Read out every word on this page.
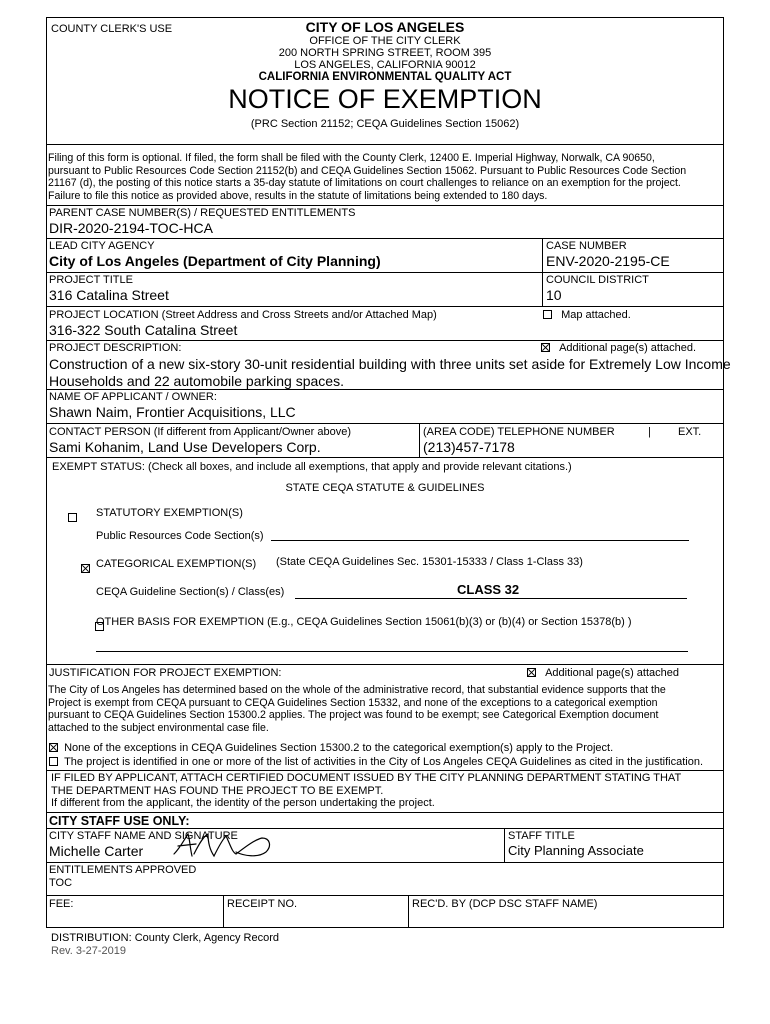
COUNTY CLERK'S USE	CITY OF LOS ANGELES
OFFICE OF THE CITY CLERK
200 NORTH SPRING STREET, ROOM 395
LOS ANGELES, CALIFORNIA 90012
CALIFORNIA ENVIRONMENTAL QUALITY ACT
NOTICE OF EXEMPTION
(PRC Section 21152; CEQA Guidelines Section 15062)
Filing of this form is optional. If filed, the form shall be filed with the County Clerk, 12400 E. Imperial Highway, Norwalk, CA 90650,
pursuant to Public Resources Code Section 21152(b) and CEQA Guidelines Section 15062. Pursuant to Public Resources Code Section
21167 (d), the posting of this notice starts a 35-day statute of limitations on court challenges to reliance on an exemption for the project.
Failure to file this notice as provided above, results in the statute of limitations being extended to 180 days.
PARENT CASE NUMBER(S) / REQUESTED ENTITLEMENTS
DIR-2020-2194-TOC-HCA
LEAD CITY AGENCY
City of Los Angeles (Department of City Planning)
CASE NUMBER
ENV-2020-2195-CE
PROJECT TITLE
316 Catalina Street
COUNCIL DISTRICT
10
PROJECT LOCATION (Street Address and Cross Streets and/or Attached Map)	Map attached.
316-322 South Catalina Street
PROJECT DESCRIPTION:	Additional page(s) attached.
Construction of a new six-story 30-unit residential building with three units set aside for Extremely Low Income
Households and 22 automobile parking spaces.
NAME OF APPLICANT / OWNER:
Shawn Naim, Frontier Acquisitions, LLC
CONTACT PERSON (If different from Applicant/Owner above)
Sami Kohanim, Land Use Developers Corp.
(AREA CODE) TELEPHONE NUMBER	| EXT.
(213)457-7178
EXEMPT STATUS: (Check all boxes, and include all exemptions, that apply and provide relevant citations.)
STATE CEQA STATUTE & GUIDELINES

STATUTORY EXEMPTION(S)
Public Resources Code Section(s)

CATEGORICAL EXEMPTION(S) (State CEQA Guidelines Sec. 15301-15333 / Class 1-Class 33)
CEQA Guideline Section(s) / Class(es)	CLASS 32
OTHER BASIS FOR EXEMPTION (E.g., CEQA Guidelines Section 15061(b)(3) or (b)(4) or Section 15378(b) )
JUSTIFICATION FOR PROJECT EXEMPTION:	Additional page(s) attached
The City of Los Angeles has determined based on the whole of the administrative record, that substantial evidence supports that the
Project is exempt from CEQA pursuant to CEQA Guidelines Section 15332, and none of the exceptions to a categorical exemption
pursuant to CEQA Guidelines Section 15300.2 applies. The project was found to be exempt; see Categorical Exemption document
attached to the subject environmental case file.
None of the exceptions in CEQA Guidelines Section 15300.2 to the categorical exemption(s) apply to the Project.
The project is identified in one or more of the list of activities in the City of Los Angeles CEQA Guidelines as cited in the justification.
IF FILED BY APPLICANT, ATTACH CERTIFIED DOCUMENT ISSUED BY THE CITY PLANNING DEPARTMENT STATING THAT
THE DEPARTMENT HAS FOUND THE PROJECT TO BE EXEMPT.
If different from the applicant, the identity of the person undertaking the project.
CITY STAFF USE ONLY:
CITY STAFF NAME AND SIGNATURE
Michelle Carter
STAFF TITLE
City Planning Associate
ENTITLEMENTS APPROVED
TOC
FEE:	RECEIPT NO.	REC'D. BY (DCP DSC STAFF NAME)
DISTRIBUTION: County Clerk, Agency Record
Rev. 3-27-2019
